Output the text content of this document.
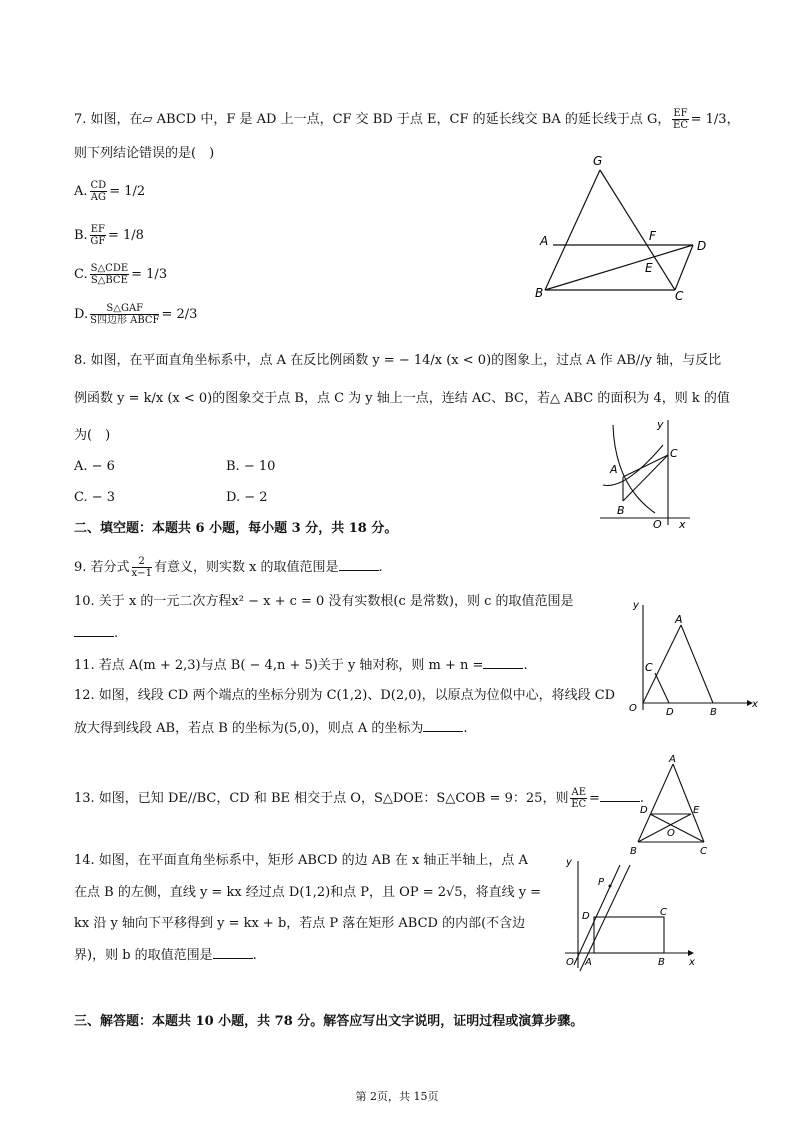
7. 如图，在▱ ABCD 中，F 是 AD 上一点，CF 交 BD 于点 E，CF 的延长线交 BA 的延长线于点 G， $\frac{EF}{EC} = 1/3$，
则下列结论错误的是(　)
A. $\frac{CD}{AG} = 1/2$
B. $\frac{EF}{GF} = 1/8$
C. $\frac{\text{S△CDE}}{\text{S△BCE}} = 1/3$
D. $\frac{\text{S△GAF}}{\text{S四边形 ABCF}} = 2/3$
G
A	F
D
E
B	C
8. 如图，在平面直角坐标系中，点 A 在反比例函数 y = − 14/x (x < 0)的图象上，过点 A 作 AB//y 轴，与反比
例函数 y = k/x (x < 0)的图象交于点 B，点 C 为 y 轴上一点，连结 AC、BC，若△ ABC 的面积为 4，则 k 的值
为(　)
A. − 6	B. − 10
C. − 3	D. − 2
y
A
C
B
O x
二、填空题：本题共 6 小题，每小题 3 分，共 18 分。
9. 若分式 $\frac{2}{x-1}$ 有意义，则实数 x 的取值范围是	.
10. 关于 x 的一元二次方程x² − x + c = 0 没有实数根(c 是常数)，则 c 的取值范围是
.
11. 若点 A(m + 2,3)与点 B( − 4,n + 5)关于 y 轴对称，则 m + n =	.
12. 如图，线段 CD 两个端点的坐标分别为 C(1,2)、D(2,0)，以原点为位似中心，将线段 CD
放大得到线段 AB，若点 B 的坐标为(5,0)，则点 A 的坐标为	.
y
A
C
O	D	B
x
13. 如图，已知 DE//BC，CD 和 BE 相交于点 O，S△DOE：S△COB = 9：25，则 $\frac{AE}{EC}$ =	.
A
D	E
O
B	C
14. 如图，在平面直角坐标系中，矩形 ABCD 的边 AB 在 x 轴正半轴上，点 A
在点 B 的左侧，直线 y = kx 经过点 D(1,2)和点 P，且 OP = 2√5，将直线 y =
kx 沿 y 轴向下平移得到 y = kx + b，若点 P 落在矩形 ABCD 的内部(不含边
界)，则 b 的取值范围是	.
y
P
D	C
O A	B x
三、解答题：本题共 10 小题，共 78 分。解答应写出文字说明，证明过程或演算步骤。
第 2页，共 15页
